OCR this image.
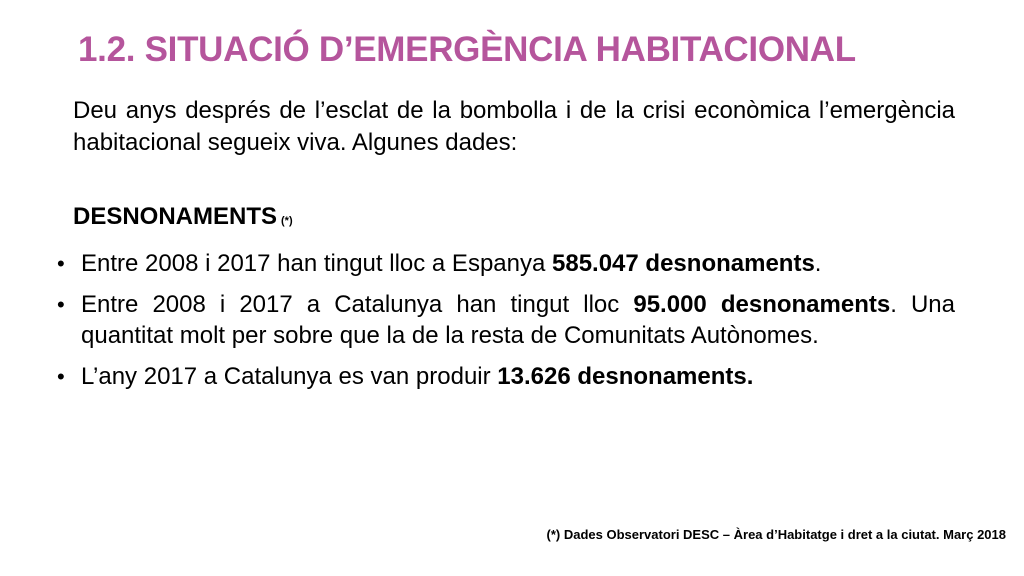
1.2. SITUACIÓ D’EMERGÈNCIA HABITACIONAL

Deu anys després de l’esclat de la bombolla i de la crisi econòmica l’emergència habitacional segueix viva. Algunes dades:

DESNONAMENTS (*)

• Entre 2008 i 2017 han tingut lloc a Espanya 585.047 desnonaments.
• Entre 2008 i 2017 a Catalunya han tingut lloc 95.000 desnonaments. Una quantitat molt per sobre que la de la resta de Comunitats Autònomes.
• L’any 2017 a Catalunya es van produir 13.626 desnonaments.

(*) Dades Observatori DESC – Àrea d’Habitatge i dret a la ciutat. Març 2018
